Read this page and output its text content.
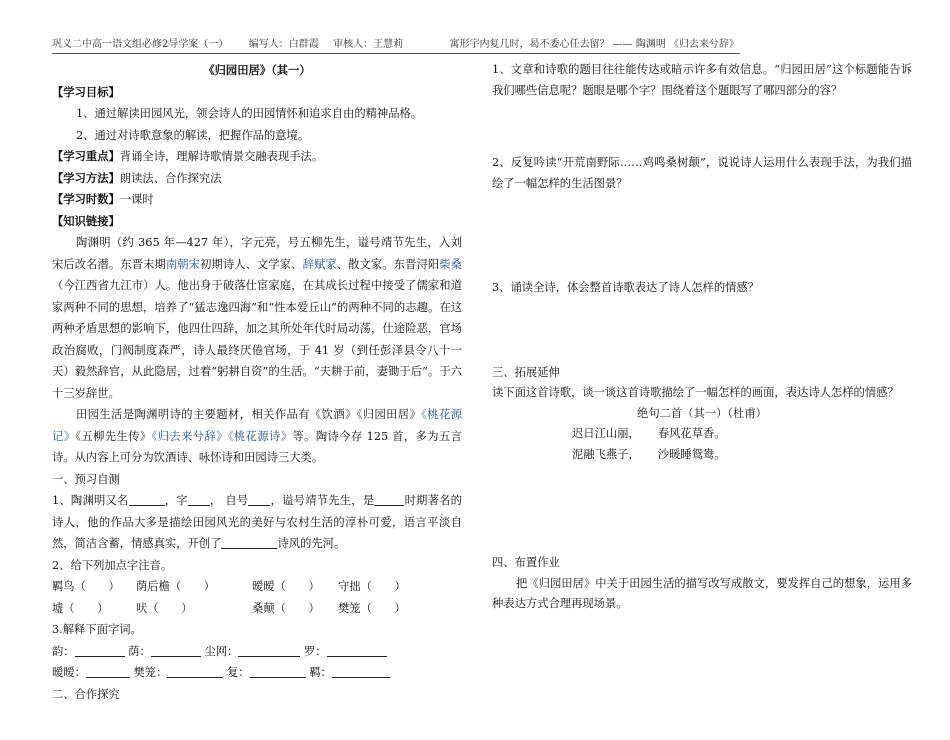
巩义二中高一语文组必修2导学案（一） 编写人：白群霞 审核人：王慧莉	寓形宇内复几时，曷不委心任去留？ —— 陶渊明 《归去来兮辞》

《归园田居》（其一）

【学习目标】

1、通过解读田园风光，领会诗人的田园情怀和追求自由的精神品格。

2、通过对诗歌意象的解读，把握作品的意境。

【学习重点】背诵全诗，理解诗歌情景交融表现手法。

【学习方法】朗读法、合作探究法

【学习时数】一课时

【知识链接】

陶渊明（约 365 年—427 年），字元亮，号五柳先生，谥号靖节先生，入刘宋后改名潜。东晋末期南朝宋初期诗人、文学家、辞赋家、散文家。东晋浔阳柴桑（今江西省九江市）人。他出身于破落仕宦家庭，在其成长过程中接受了儒家和道家两种不同的思想，培养了“猛志逸四海”和“性本爱丘山”的两种不同的志趣。在这两种矛盾思想的影响下，他四仕四辞，加之其所处年代时局动荡，仕途险恶，官场政治腐败，门阀制度森严，诗人最终厌倦官场，于 41 岁（到任彭泽县令八十一天）毅然辞官，从此隐居，过着“躬耕自资”的生活。“夫耕于前，妻锄于后”。于六十三岁辞世。

田园生活是陶渊明诗的主要题材，相关作品有《饮酒》《归园田居》《桃花源记》《五柳先生传》《归去来兮辞》《桃花源诗》等。陶诗今存 125 首，多为五言诗。从内容上可分为饮酒诗、咏怀诗和田园诗三大类。

一、预习自测

1、陶渊明又名	，字 ， 自号 ，谥号靖节先生，是	时期著名的诗人，他的作品大多是描绘田园风光的美好与农村生活的淳朴可爱，语言平淡自然，简洁含蓄，情感真实，开创了	诗风的先河。

2、给下列加点字注音。

羁鸟（　　）	荫后檐（　　）	暧暧（　　）	守拙（　　）
墟（　　）	吠（　　）	桑颠（　　）	樊笼（　　）

3.解释下面字词。

韵：	荫：	尘网：	罗：
暧暧：	樊笼：	复：	羁：

二、合作探究

1、文章和诗歌的题目往往能传达或暗示许多有效信息。“归园田居”这个标题能告诉我们哪些信息呢？题眼是哪个字？围绕着这个题眼写了哪四部分的容？

2、反复吟读“开荒南野际……鸡鸣桑树颠”，说说诗人运用什么表现手法，为我们描绘了一幅怎样的生活图景？

3、诵读全诗，体会整首诗歌表达了诗人怎样的情感？

三、拓展延伸

读下面这首诗歌，谈一谈这首诗歌描绘了一幅怎样的画面，表达诗人怎样的情感？

绝句二首（其一）（杜甫）

迟日江山丽， 春风花草香。

泥融飞燕子， 沙暖睡鸳鸯。

四、布置作业

把《归园田居》中关于田园生活的描写改写成散文，要发挥自己的想象，运用多种表达方式合理再现场景。
